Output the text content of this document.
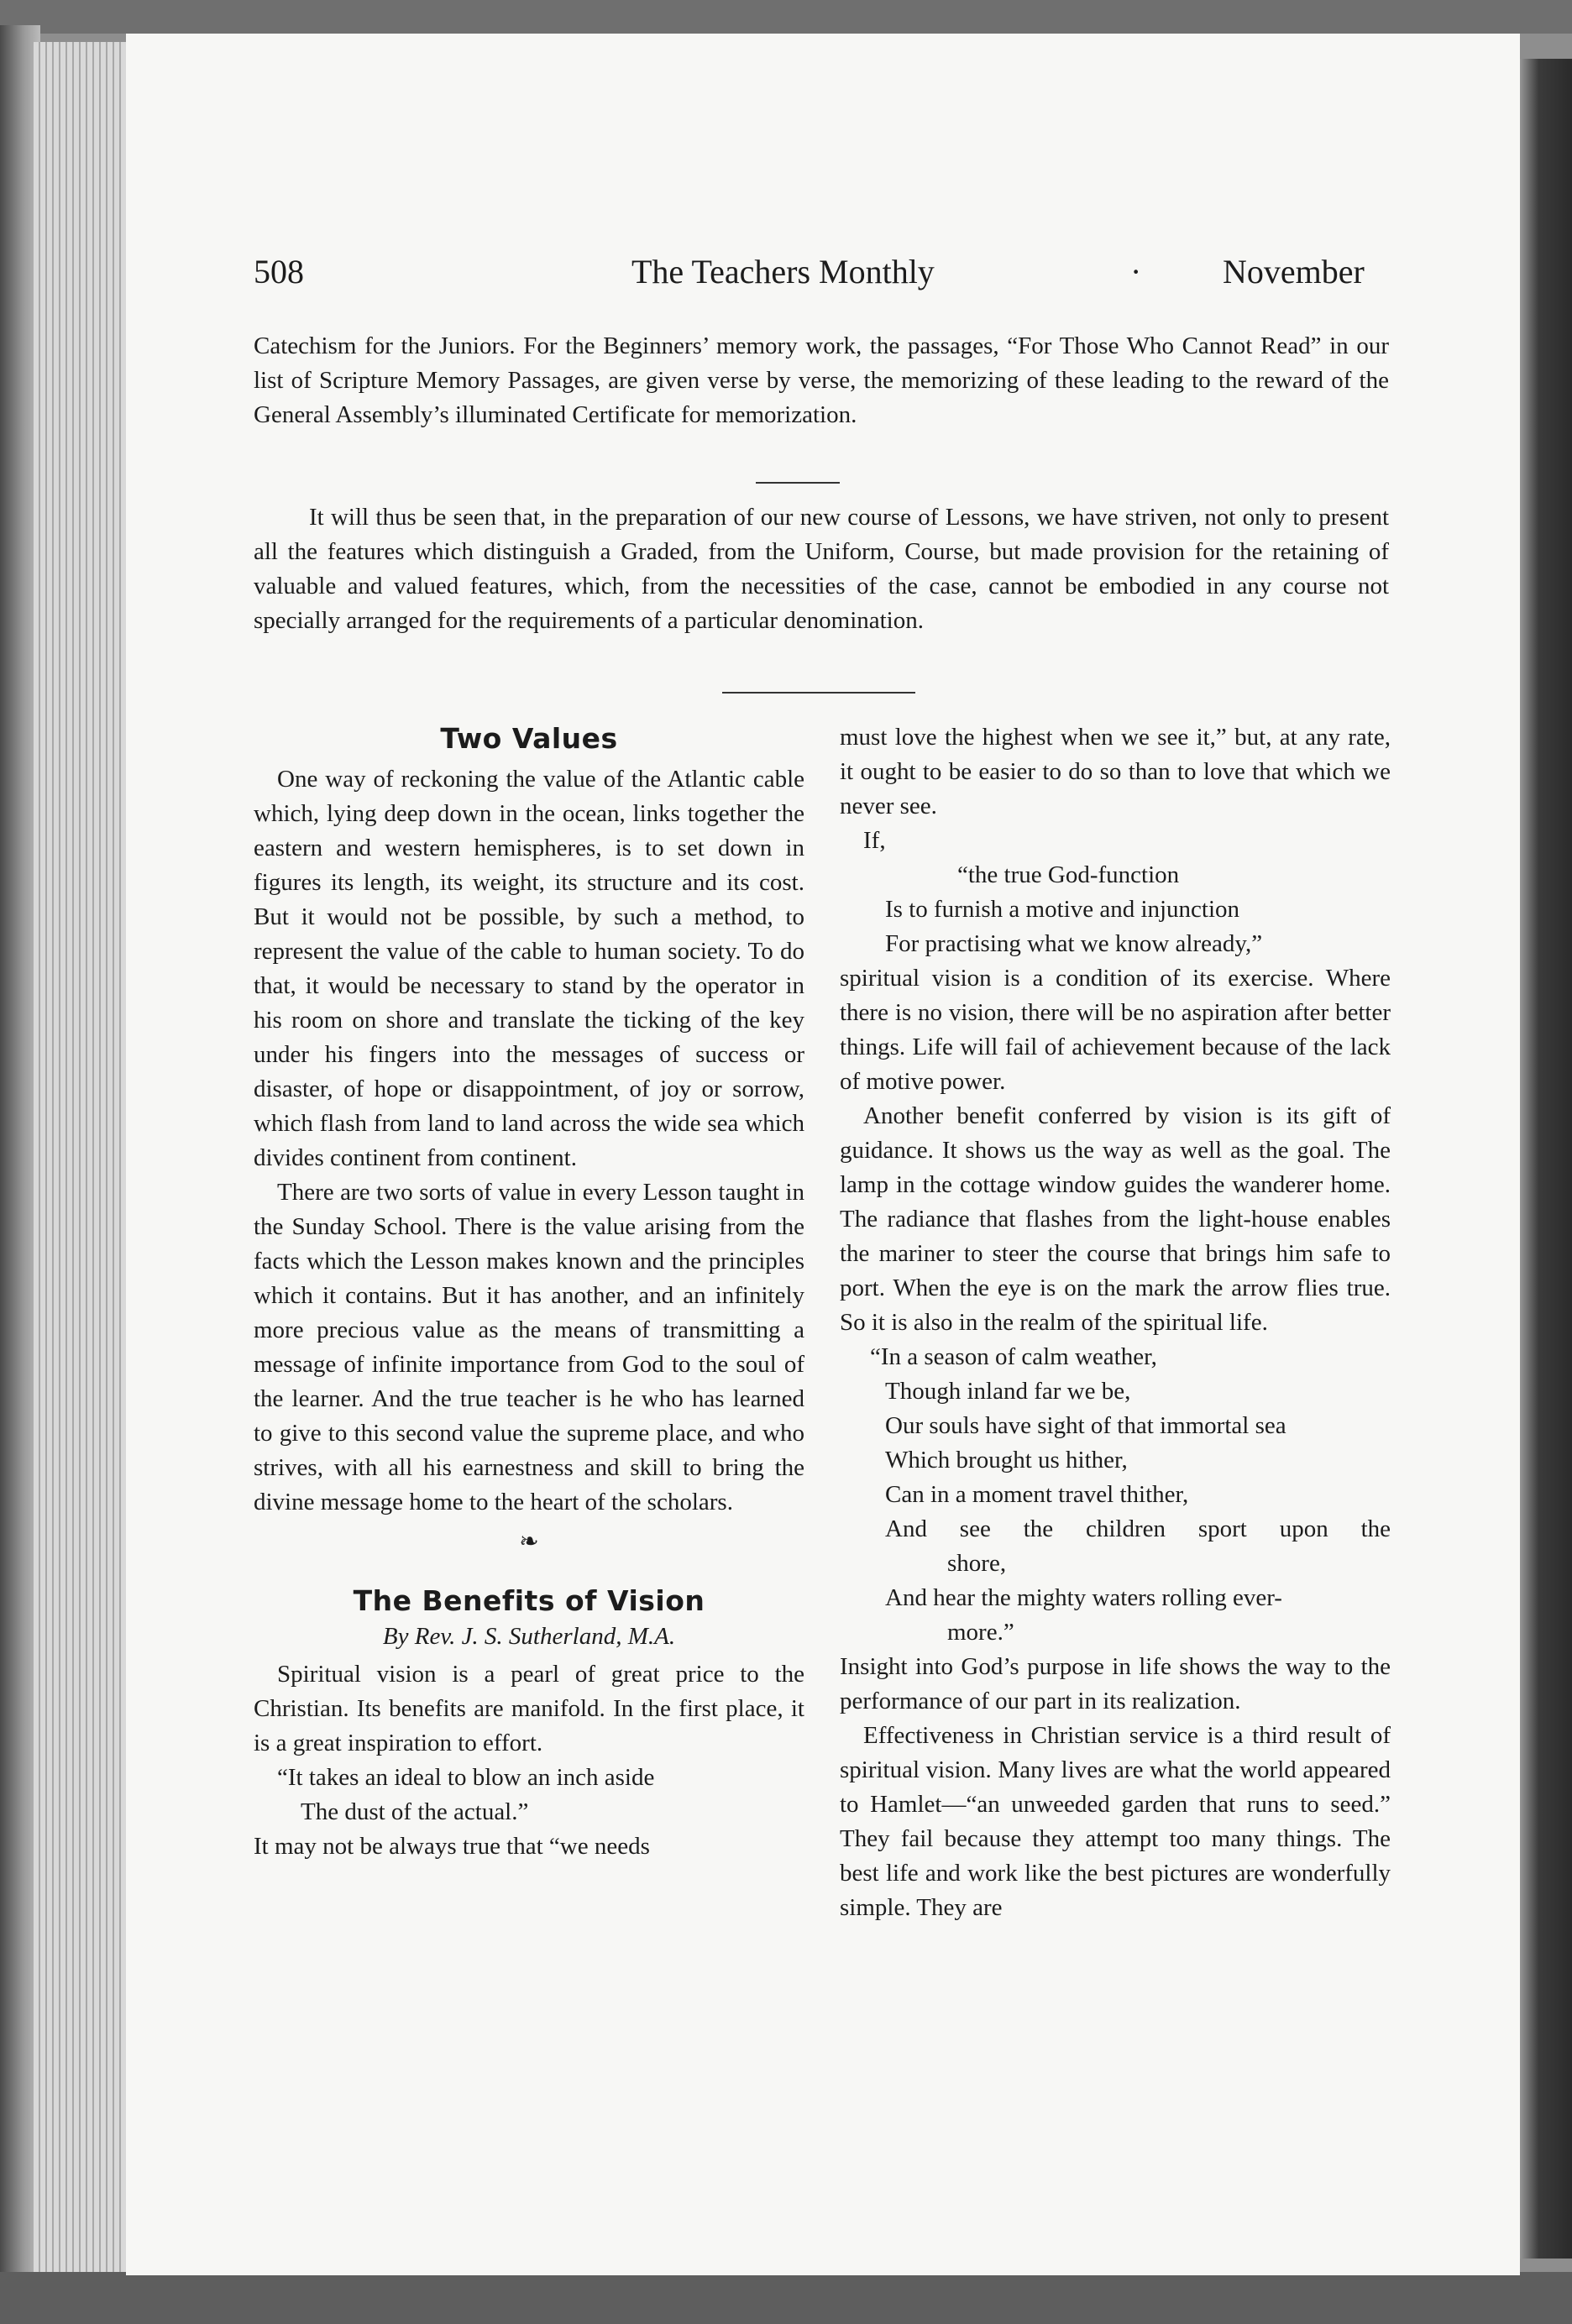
508	The Teachers Monthly	· November
Catechism for the Juniors. For the Beginners’ memory work, the passages, “For Those Who Cannot Read” in our list of Scripture Memory Passages, are given verse by verse, the memorizing of these leading to the reward of the General Assembly’s illuminated Certificate for memorization.
It will thus be seen that, in the preparation of our new course of Lessons, we have striven, not only to present all the features which distinguish a Graded, from the Uniform, Course, but made provision for the retaining of valuable and valued features, which, from the necessities of the case, cannot be embodied in any course not specially arranged for the requirements of a particular denomination.
Two Values

One way of reckoning the value of the Atlantic cable which, lying deep down in the ocean, links together the eastern and western hemispheres, is to set down in figures its length, its weight, its structure and its cost. But it would not be possible, by such a method, to represent the value of the cable to human society. To do that, it would be necessary to stand by the operator in his room on shore and translate the ticking of the key under his fingers into the messages of success or disaster, of hope or disappointment, of joy or sorrow, which flash from land to land across the wide sea which divides continent from continent.

There are two sorts of value in every Lesson taught in the Sunday School. There is the value arising from the facts which the Lesson makes known and the principles which it contains. But it has another, and an infinitely more precious value as the means of transmitting a message of infinite importance from God to the soul of the learner. And the true teacher is he who has learned to give to this second value the supreme place, and who strives, with all his earnestness and skill to bring the divine message home to the heart of the scholars.

❧
The Benefits of Vision
By Rev. J. S. Sutherland, M.A.

Spiritual vision is a pearl of great price to the Christian. Its benefits are manifold. In the first place, it is a great inspiration to effort.

“It takes an ideal to blow an inch aside
The dust of the actual.”

It may not be always true that “we needs

must love the highest when we see it,” but, at any rate, it ought to be easier to do so than to love that which we never see.

If,

“the true God-function
Is to furnish a motive and injunction
For practising what we know already,”

spiritual vision is a condition of its exercise. Where there is no vision, there will be no aspiration after better things. Life will fail of achievement because of the lack of motive power.

Another benefit conferred by vision is its gift of guidance. It shows us the way as well as the goal. The lamp in the cottage window guides the wanderer home. The radiance that flashes from the light-house enables the mariner to steer the course that brings him safe to port. When the eye is on the mark the arrow flies true. So it is also in the realm of the spiritual life.

“In a season of calm weather,
Though inland far we be,
Our souls have sight of that immortal sea
Which brought us hither,
Can in a moment travel thither,
And see the children sport upon the
shore,
And hear the mighty waters rolling ever-
more.”

Insight into God’s purpose in life shows the way to the performance of our part in its realization.

Effectiveness in Christian service is a third result of spiritual vision. Many lives are what the world appeared to Hamlet—“an unweeded garden that runs to seed.” They fail because they attempt too many things. The best life and work like the best pictures are wonderfully simple. They are
